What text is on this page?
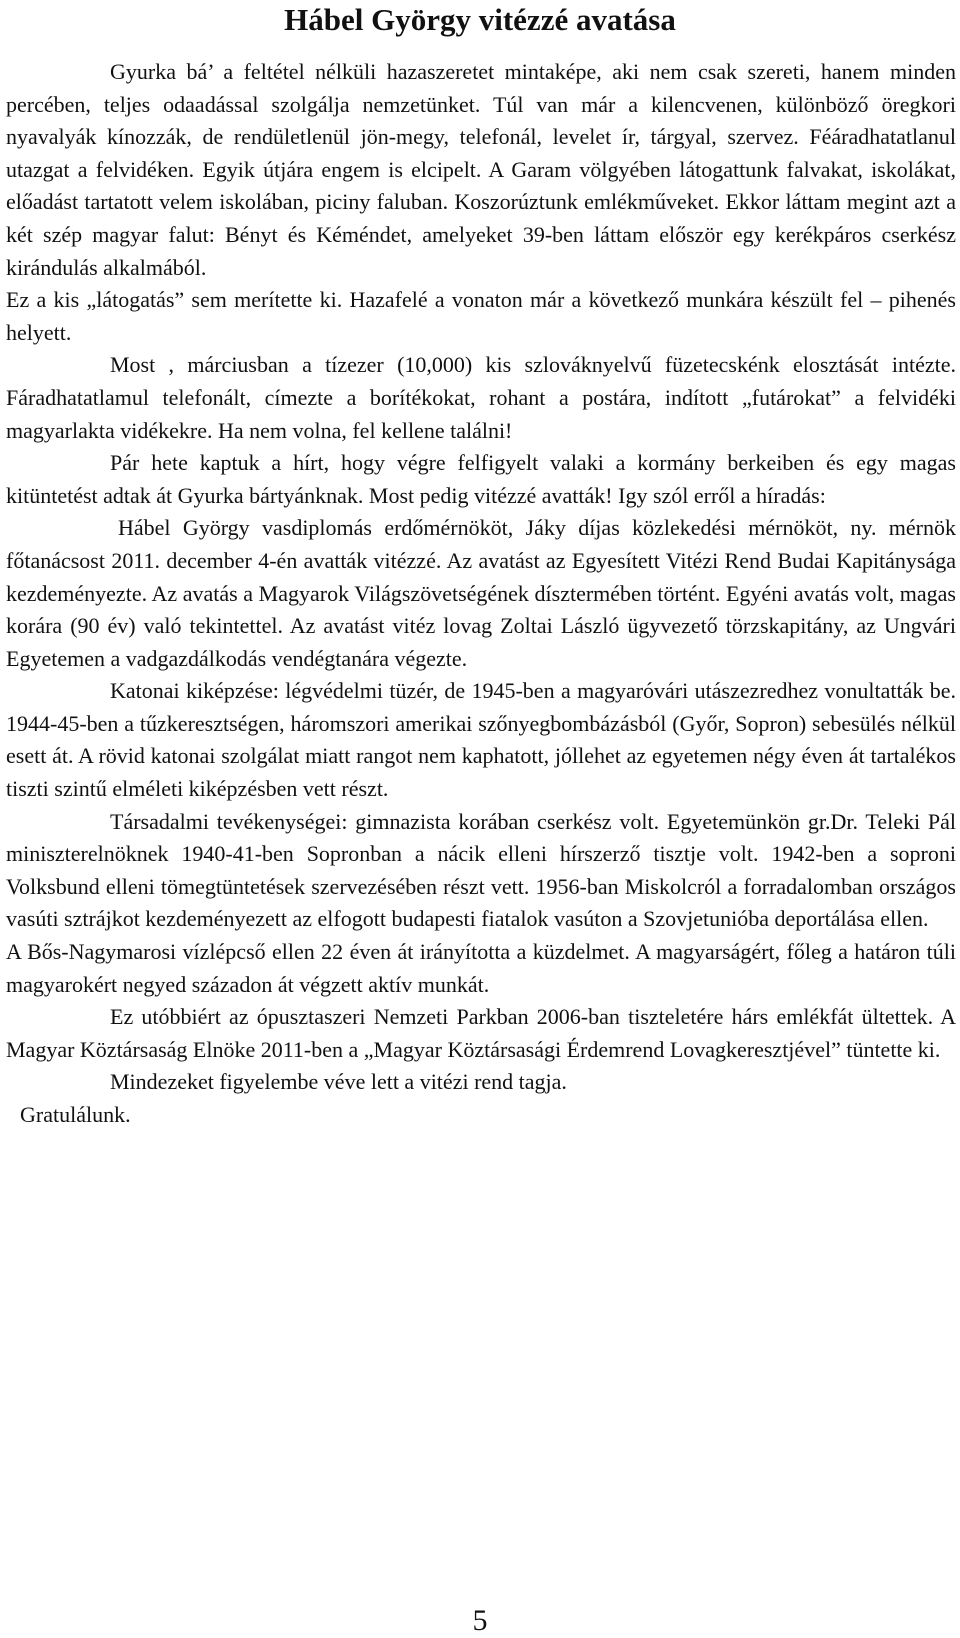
Hábel György vitézzé avatása

Gyurka bá’ a feltétel nélküli hazaszeretet mintaképe, aki nem csak szereti, hanem minden percében, teljes odaadással szolgálja nemzetünket. Túl van már a kilencvenen, különböző öregkori nyavalyák kínozzák, de rendületlenül jön-megy, telefonál, levelet ír, tárgyal, szervez. Féáradhatatlanul utazgat a felvidéken. Egyik útjára engem is elcipelt. A Garam völgyében látogattunk falvakat, iskolákat, előadást tartatott velem iskolában, piciny faluban. Koszorúztunk emlékműveket. Ekkor láttam megint azt a két szép magyar falut: Bényt és Kéméndet, amelyeket 39-ben láttam először egy kerékpáros cserkész kirándulás alkalmából.

Ez a kis „látogatás” sem merítette ki. Hazafelé a vonaton már a következő munkára készült fel – pihenés helyett.

Most , márciusban a tízezer (10,000) kis szlováknyelvű füzetecskénk elosztását intézte. Fáradhatatlamul telefonált, címezte a borítékokat, rohant a postára, indított „futárokat” a felvidéki magyarlakta vidékekre. Ha nem volna, fel kellene találni!

Pár hete kaptuk a hírt, hogy végre felfigyelt valaki a kormány berkeiben és egy magas kitüntetést adtak át Gyurka bártyánknak. Most pedig vitézzé avatták! Igy szól erről a híradás:

Hábel György vasdiplomás erdőmérnököt, Jáky díjas közlekedési mérnököt, ny. mérnök főtanácsost 2011. december 4-én avatták vitézzé. Az avatást az Egyesített Vitézi Rend Budai Kapitánysága kezdeményezte. Az avatás a Magyarok Világszövetségének dísztermében történt. Egyéni avatás volt, magas korára (90 év) való tekintettel. Az avatást vitéz lovag Zoltai László ügyvezető törzskapitány, az Ungvári Egyetemen a vadgazdálkodás vendégtanára végezte.

Katonai kiképzése: légvédelmi tüzér, de 1945-ben a magyaróvári utászezredhez vonultatták be. 1944-45-ben a tűzkeresztségen, háromszori amerikai szőnyegbombázásból (Győr, Sopron) sebesülés nélkül esett át. A rövid katonai szolgálat miatt rangot nem kaphatott, jóllehet az egyetemen négy éven át tartalékos tiszti szintű elméleti kiképzésben vett részt.

Társadalmi tevékenységei: gimnazista korában cserkész volt. Egyetemünkön gr.Dr. Teleki Pál miniszterelnöknek 1940-41-ben Sopronban a nácik elleni hírszerző tisztje volt. 1942-ben a soproni Volksbund elleni tömegtüntetések szervezésében részt vett. 1956-ban Miskolcról a forradalomban országos vasúti sztrájkot kezdeményezett az elfogott budapesti fiatalok vasúton a Szovjetunióba deportálása ellen.

A Bős-Nagymarosi vízlépcső ellen 22 éven át irányította a küzdelmet. A magyarságért, főleg a határon túli magyarokért negyed századon át végzett aktív munkát.

Ez utóbbiért az ópusztaszeri Nemzeti Parkban 2006-ban tiszteletére hárs emlékfát ültettek. A Magyar Köztársaság Elnöke 2011-ben a „Magyar Köztársasági Érdemrend Lovagkeresztjével” tüntette ki.

Mindezeket figyelembe véve lett a vitézi rend tagja.

Gratulálunk.

5
